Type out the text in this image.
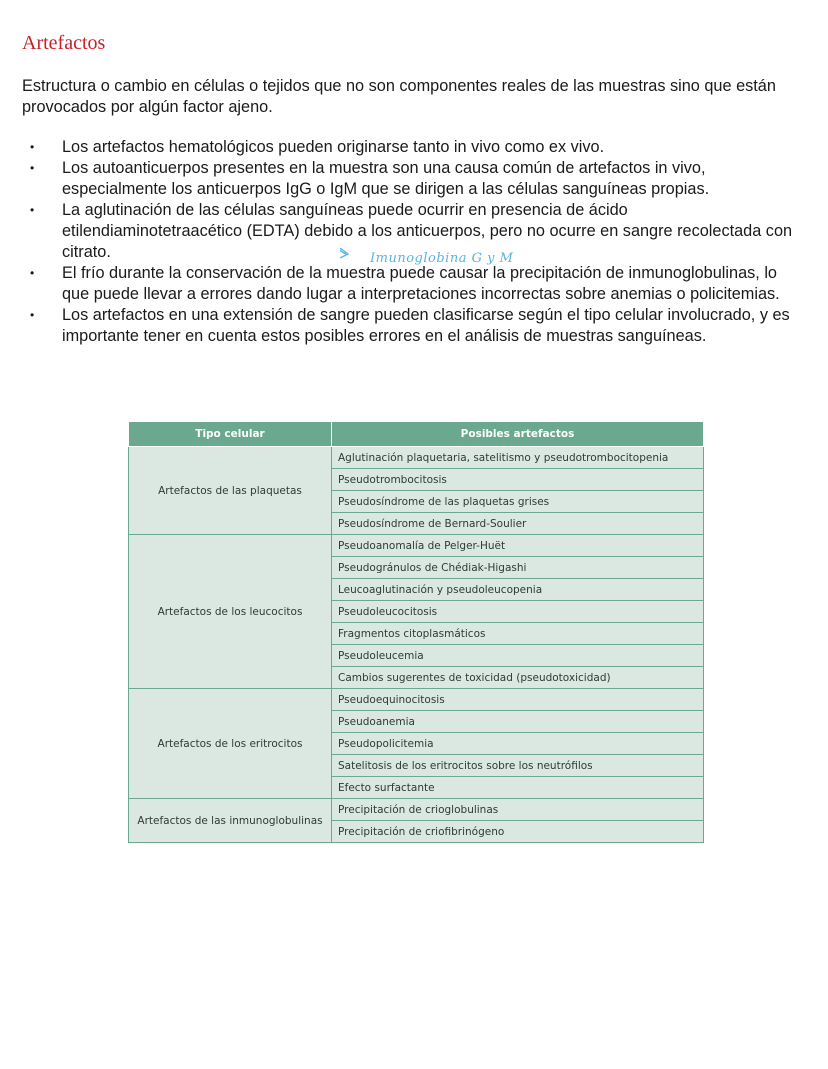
Artefactos

Estructura o cambio en células o tejidos que no son componentes reales de las muestras sino que están provocados por algún factor ajeno.

• Los artefactos hematológicos pueden originarse tanto in vivo como ex vivo.
• Los autoanticuerpos presentes en la muestra son una causa común de artefactos in vivo, especialmente los anticuerpos IgG o IgM que se dirigen a las células sanguíneas propias.
• La aglutinación de las células sanguíneas puede ocurrir en presencia de ácido etilendiaminotetraacético (EDTA) debido a los anticuerpos, pero no ocurre en sangre recolectada con citrato.
• El frío durante la conservación de la muestra puede causar la precipitación de inmunoglobulinas, lo que puede llevar a errores dando lugar a interpretaciones incorrectas sobre anemias o policitemias.
• Los artefactos en una extensión de sangre pueden clasificarse según el tipo celular involucrado, y es importante tener en cuenta estos posibles errores en el análisis de muestras sanguíneas.
Imunoglobina G y M
Tipo celular	Posibles artefactos
Artefactos de las plaquetas	Aglutinación plaquetaria, satelitismo y pseudotrombocitopenia
	Pseudotrombocitosis
	Pseudosíndrome de las plaquetas grises
	Pseudosíndrome de Bernard-Soulier
Artefactos de los leucocitos	Pseudoanomalía de Pelger-Huët
	Pseudogránulos de Chédiak-Higashi
	Leucoaglutinación y pseudoleucopenia
	Pseudoleucocitosis
	Fragmentos citoplasmáticos
	Pseudoleucemia
	Cambios sugerentes de toxicidad (pseudotoxicidad)
Artefactos de los eritrocitos	Pseudoequinocitosis
	Pseudoanemia
	Pseudopolicitemia
	Satelitosis de los eritrocitos sobre los neutrófilos
	Efecto surfactante
Artefactos de las inmunoglobulinas	Precipitación de crioglobulinas
	Precipitación de criofibrinógeno
